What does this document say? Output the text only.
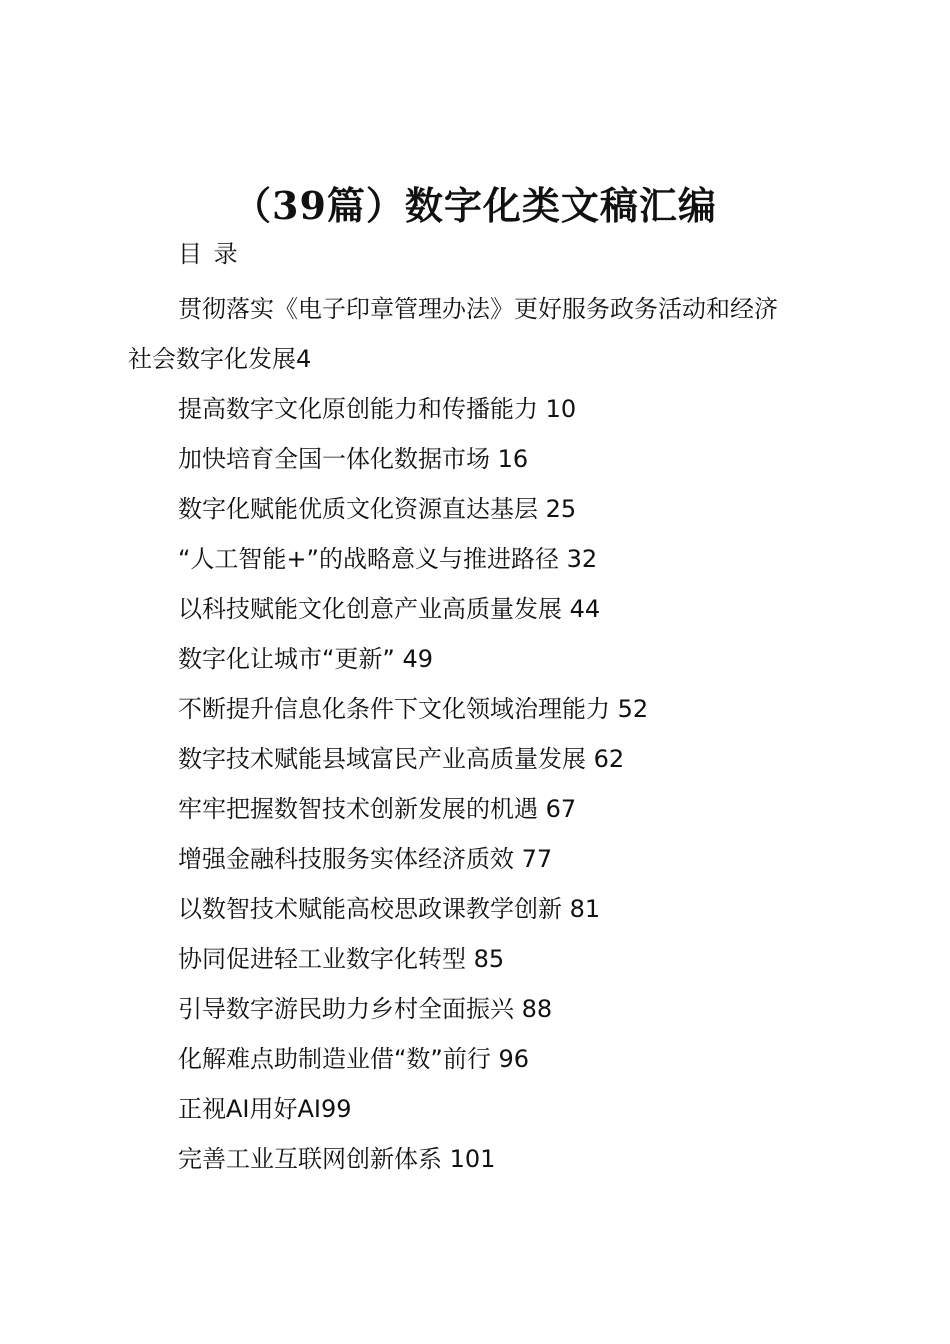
（39篇）数字化类文稿汇编
目 录
贯彻落实《电子印章管理办法》更好服务政务活动和经济
社会数字化发展4
提高数字文化原创能力和传播能力 10
加快培育全国一体化数据市场 16
数字化赋能优质文化资源直达基层 25
“人工智能+”的战略意义与推进路径 32
以科技赋能文化创意产业高质量发展 44
数字化让城市“更新” 49
不断提升信息化条件下文化领域治理能力 52
数字技术赋能县域富民产业高质量发展 62
牢牢把握数智技术创新发展的机遇 67
增强金融科技服务实体经济质效 77
以数智技术赋能高校思政课教学创新 81
协同促进轻工业数字化转型 85
引导数字游民助力乡村全面振兴 88
化解难点助制造业借“数”前行 96
正视AI用好AI99
完善工业互联网创新体系 101
